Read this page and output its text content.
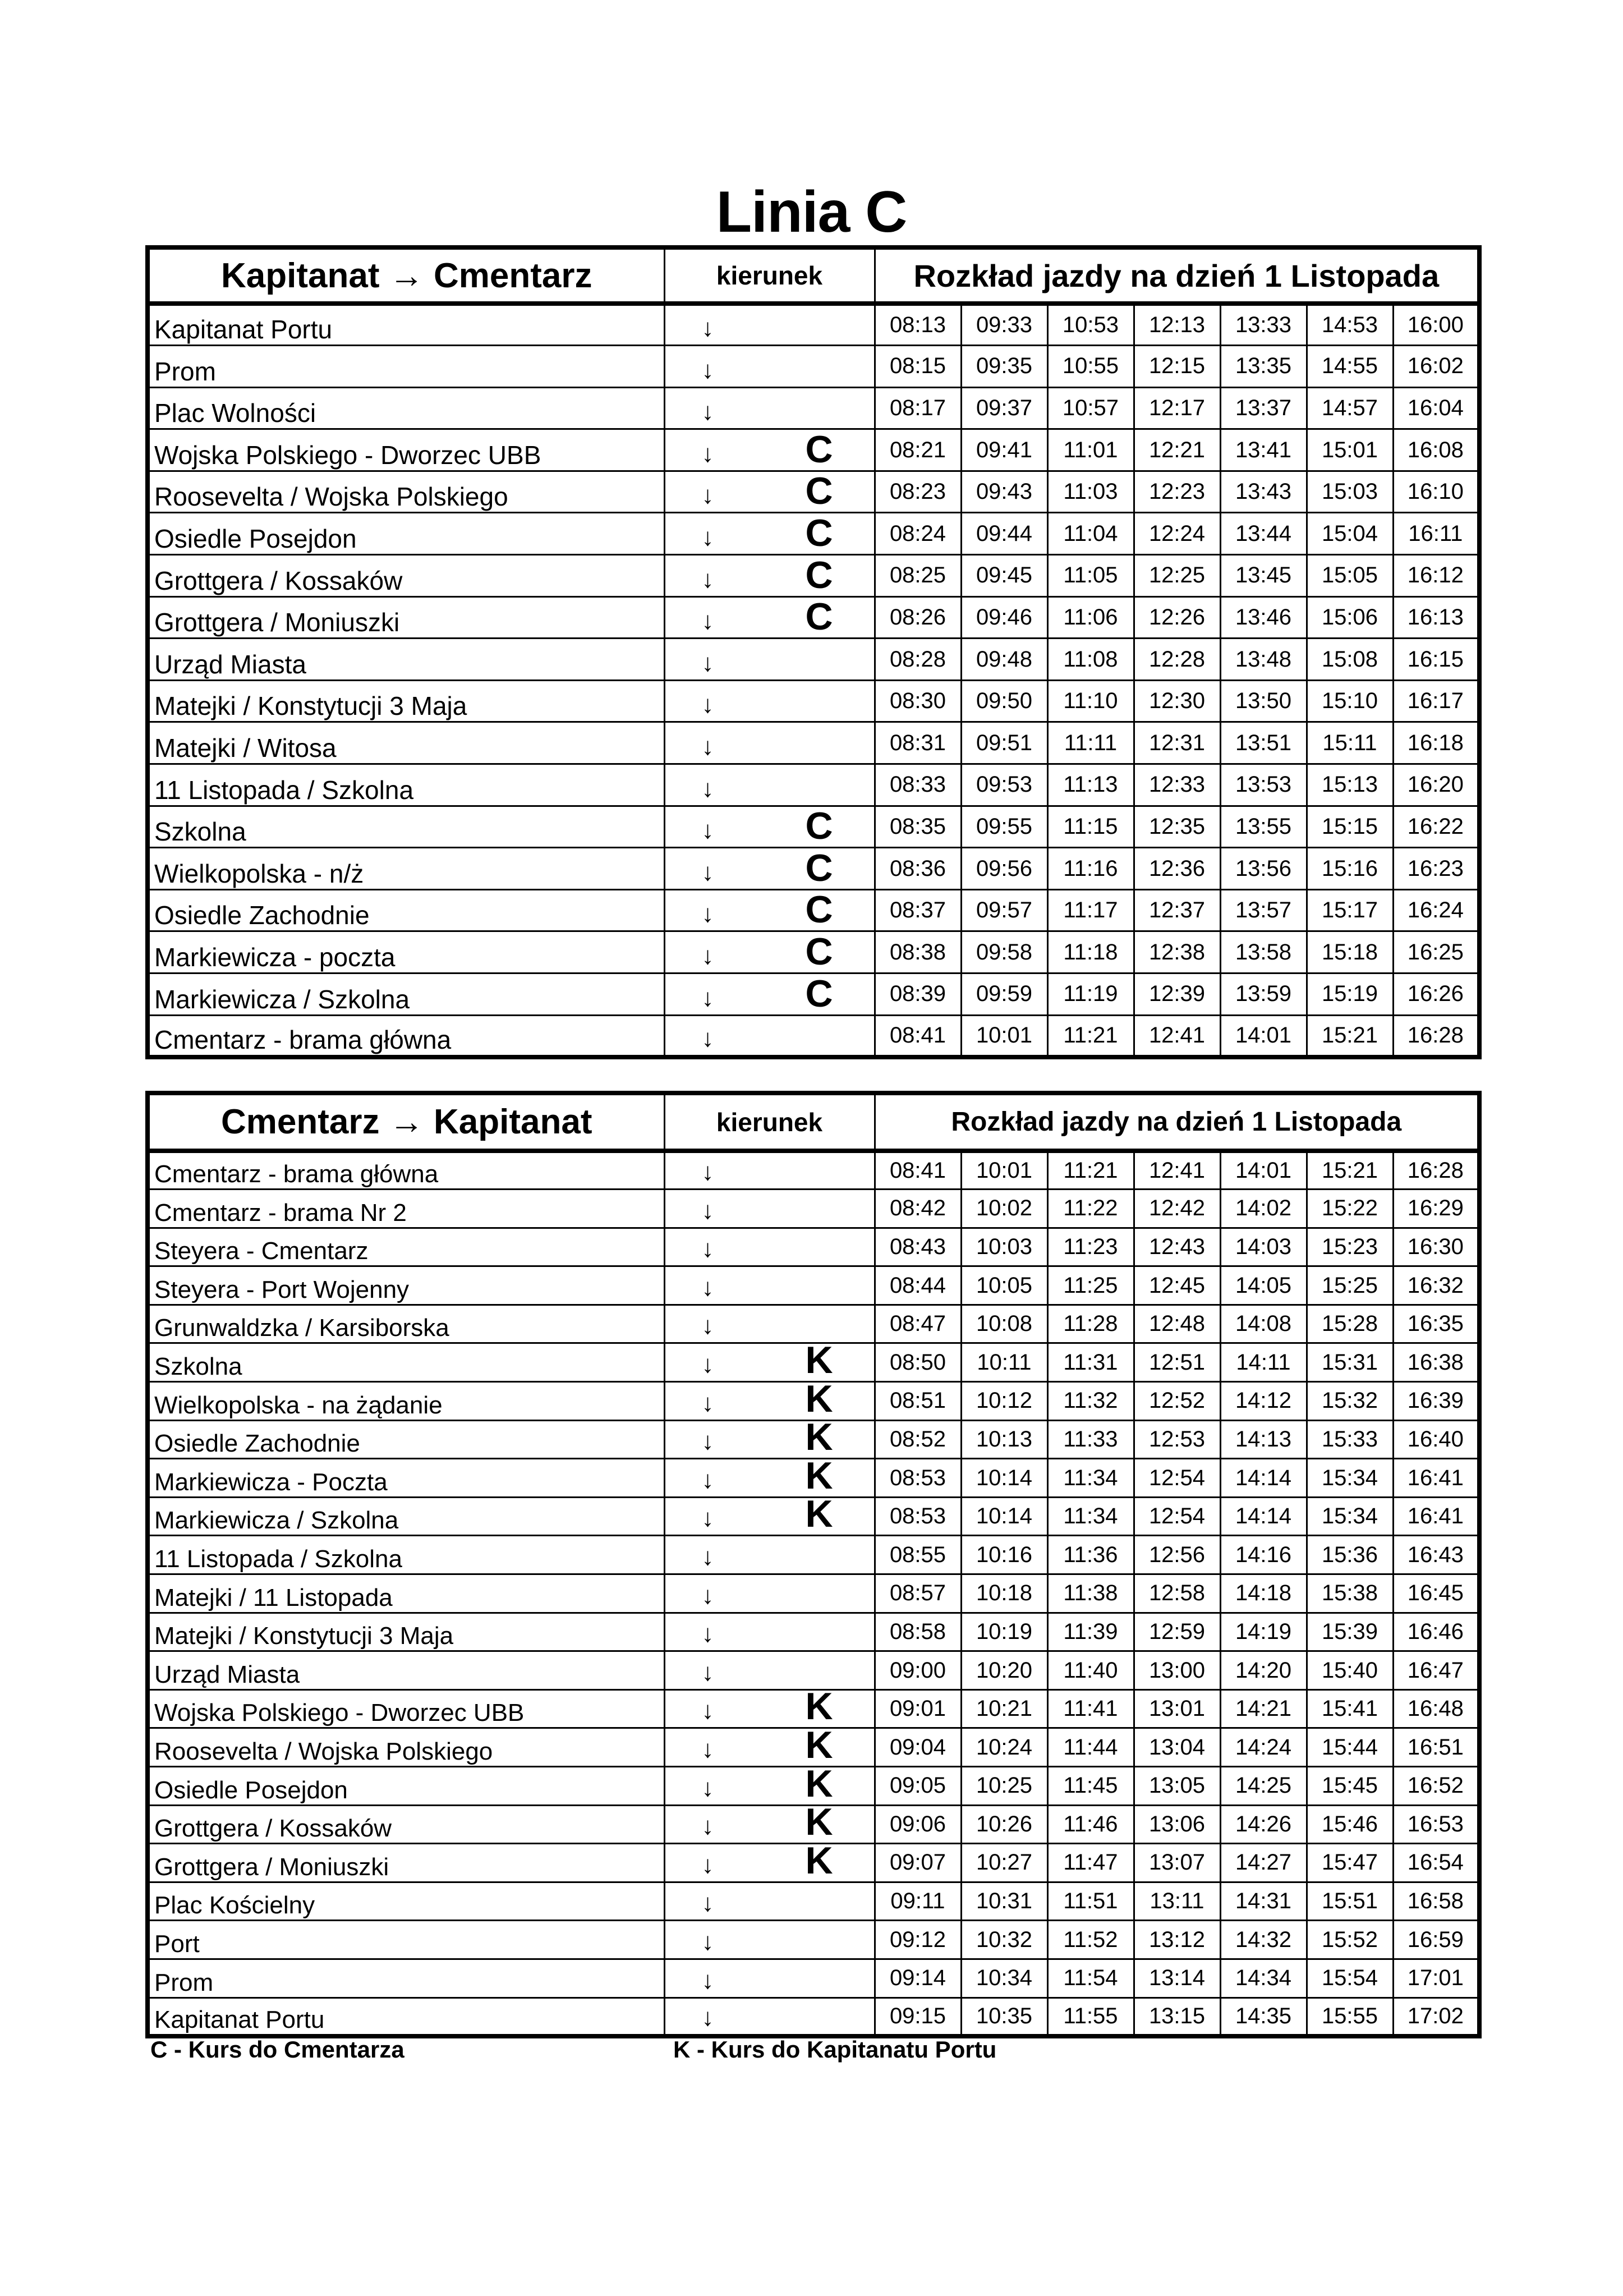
Linia C
Kapitanat → Cmentarz	kierunek	Rozkład jazdy na dzień 1 Listopada						
Kapitanat Portu	↓	08:13	09:33	10:53	12:13	13:33	14:53	16:00
Prom	↓	08:15	09:35	10:55	12:15	13:35	14:55	16:02
Plac Wolności	↓	08:17	09:37	10:57	12:17	13:37	14:57	16:04
Wojska Polskiego - Dworzec UBB	↓ C	08:21	09:41	11:01	12:21	13:41	15:01	16:08
Roosevelta / Wojska Polskiego	↓ C	08:23	09:43	11:03	12:23	13:43	15:03	16:10
Osiedle Posejdon	↓ C	08:24	09:44	11:04	12:24	13:44	15:04	16:11
Grottgera / Kossaków	↓ C	08:25	09:45	11:05	12:25	13:45	15:05	16:12
Grottgera / Moniuszki	↓ C	08:26	09:46	11:06	12:26	13:46	15:06	16:13
Urząd Miasta	↓	08:28	09:48	11:08	12:28	13:48	15:08	16:15
Matejki / Konstytucji 3 Maja	↓	08:30	09:50	11:10	12:30	13:50	15:10	16:17
Matejki / Witosa	↓	08:31	09:51	11:11	12:31	13:51	15:11	16:18
11 Listopada / Szkolna	↓	08:33	09:53	11:13	12:33	13:53	15:13	16:20
Szkolna	↓ C	08:35	09:55	11:15	12:35	13:55	15:15	16:22
Wielkopolska - n/ż	↓ C	08:36	09:56	11:16	12:36	13:56	15:16	16:23
Osiedle Zachodnie	↓ C	08:37	09:57	11:17	12:37	13:57	15:17	16:24
Markiewicza - poczta	↓ C	08:38	09:58	11:18	12:38	13:58	15:18	16:25
Markiewicza / Szkolna	↓ C	08:39	09:59	11:19	12:39	13:59	15:19	16:26
Cmentarz - brama główna	↓	08:41	10:01	11:21	12:41	14:01	15:21	16:28
Cmentarz → Kapitanat	kierunek	Rozkład jazdy na dzień 1 Listopada						
Cmentarz - brama główna	↓	08:41	10:01	11:21	12:41	14:01	15:21	16:28
Cmentarz - brama Nr 2	↓	08:42	10:02	11:22	12:42	14:02	15:22	16:29
Steyera - Cmentarz	↓	08:43	10:03	11:23	12:43	14:03	15:23	16:30
Steyera - Port Wojenny	↓	08:44	10:05	11:25	12:45	14:05	15:25	16:32
Grunwaldzka / Karsiborska	↓	08:47	10:08	11:28	12:48	14:08	15:28	16:35
Szkolna	↓ K	08:50	10:11	11:31	12:51	14:11	15:31	16:38
Wielkopolska - na żądanie	↓ K	08:51	10:12	11:32	12:52	14:12	15:32	16:39
Osiedle Zachodnie	↓ K	08:52	10:13	11:33	12:53	14:13	15:33	16:40
Markiewicza - Poczta	↓ K	08:53	10:14	11:34	12:54	14:14	15:34	16:41
Markiewicza / Szkolna	↓ K	08:53	10:14	11:34	12:54	14:14	15:34	16:41
11 Listopada / Szkolna	↓	08:55	10:16	11:36	12:56	14:16	15:36	16:43
Matejki / 11 Listopada	↓	08:57	10:18	11:38	12:58	14:18	15:38	16:45
Matejki / Konstytucji 3 Maja	↓	08:58	10:19	11:39	12:59	14:19	15:39	16:46
Urząd Miasta	↓	09:00	10:20	11:40	13:00	14:20	15:40	16:47
Wojska Polskiego - Dworzec UBB	↓ K	09:01	10:21	11:41	13:01	14:21	15:41	16:48
Roosevelta / Wojska Polskiego	↓ K	09:04	10:24	11:44	13:04	14:24	15:44	16:51
Osiedle Posejdon	↓ K	09:05	10:25	11:45	13:05	14:25	15:45	16:52
Grottgera / Kossaków	↓ K	09:06	10:26	11:46	13:06	14:26	15:46	16:53
Grottgera / Moniuszki	↓ K	09:07	10:27	11:47	13:07	14:27	15:47	16:54
Plac Kościelny	↓	09:11	10:31	11:51	13:11	14:31	15:51	16:58
Port	↓	09:12	10:32	11:52	13:12	14:32	15:52	16:59
Prom	↓	09:14	10:34	11:54	13:14	14:34	15:54	17:01
Kapitanat Portu	↓	09:15	10:35	11:55	13:15	14:35	15:55	17:02
C - Kurs do Cmentarza	K - Kurs do Kapitanatu Portu
